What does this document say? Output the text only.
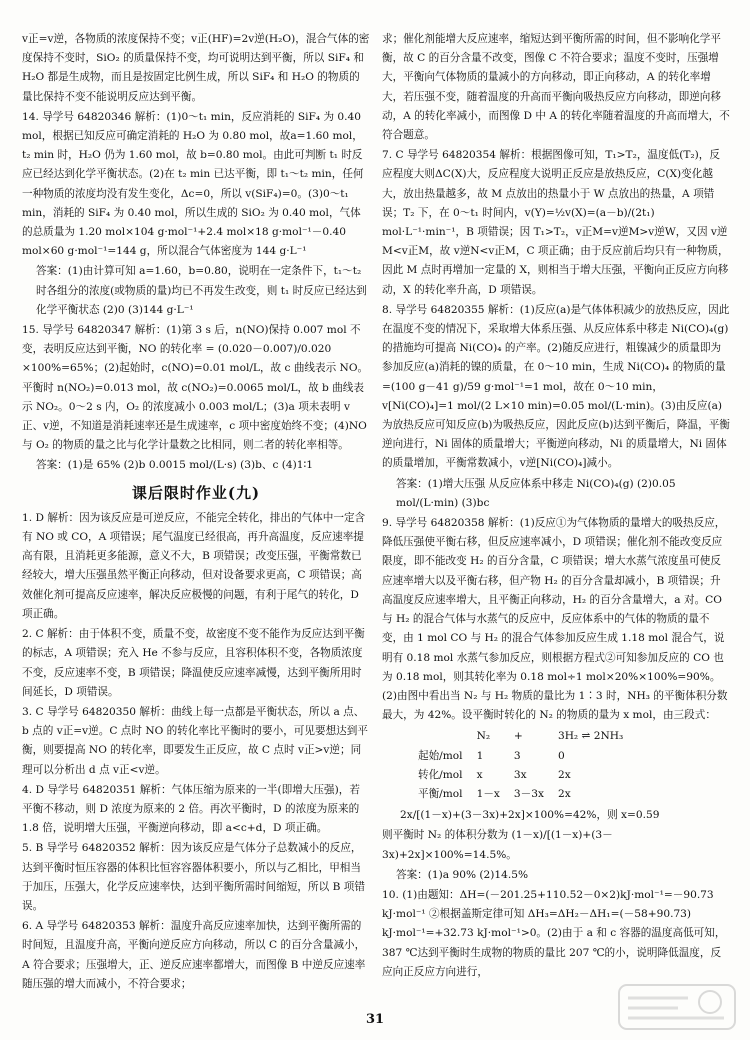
v正=v逆，各物质的浓度保持不变；v正(HF)=2v逆(H₂O)，混合气体的密度保持不变时，SiO₂ 的质量保持不变，均可说明达到平衡，所以 SiF₄ 和 H₂O 都是生成物，而且是按固定比例生成，所以 SiF₄ 和 H₂O 的物质的量比保持不变不能说明反应达到平衡。
14. 导学号 64820346 解析：(1)0～t₁ min，反应消耗的 SiF₄ 为 0.40 mol，根据已知反应可确定消耗的 H₂O 为 0.80 mol，故a=1.60 mol，t₂ min 时，H₂O 仍为 1.60 mol，故 b=0.80 mol。由此可判断 t₁ 时反应已经达到化学平衡状态。(2)在 t₂ min 已达平衡，即 t₁～t₂ min，任何一种物质的浓度均没有发生变化，Δc=0，所以 v(SiF₄)=0。(3)0～t₁ min，消耗的 SiF₄ 为 0.40 mol，所以生成的 SiO₂ 为 0.40 mol，气体的总质量为 1.20 mol×104 g·mol⁻¹+2.4 mol×18 g·mol⁻¹－0.40 mol×60 g·mol⁻¹=144 g，所以混合气体密度为 144 g·L⁻¹
答案：(1)由计算可知 a=1.60，b=0.80，说明在一定条件下，t₁～t₂ 时各组分的浓度(或物质的量)均已不再发生改变，则 t₁ 时反应已经达到化学平衡状态 (2)0 (3)144 g·L⁻¹
15. 导学号 64820347 解析：(1)第 3 s 后，n(NO)保持 0.007 mol 不变，表明反应达到平衡，NO 的转化率 = (0.020－0.007)/0.020 ×100%=65%；(2)起始时，c(NO)=0.01 mol/L，故 c 曲线表示 NO。平衡时 n(NO₂)=0.013 mol，故 c(NO₂)=0.0065 mol/L，故 b 曲线表示 NO₂。0～2 s 内，O₂ 的浓度减小 0.003 mol/L；(3)a 项未表明 v正、v逆，不知道是消耗速率还是生成速率，c 项中密度始终不变；(4)NO 与 O₂ 的物质的量之比与化学计量数之比相同，则二者的转化率相等。
答案：(1)是 65% (2)b 0.0015 mol/(L·s) (3)b、c (4)1∶1
课后限时作业(九)
1. D 解析：因为该反应是可逆反应，不能完全转化，排出的气体中一定含有 NO 或 CO，A 项错误；尾气温度已经很高，再升高温度，反应速率提高有限，且消耗更多能源，意义不大，B 项错误；改变压强，平衡常数已经较大，增大压强虽然平衡正向移动，但对设备要求更高，C 项错误；高效催化剂可提高反应速率，解决反应极慢的问题，有利于尾气的转化，D 项正确。
2. C 解析：由于体积不变，质量不变，故密度不变不能作为反应达到平衡的标志，A 项错误；充入 He 不参与反应，且容积体积不变，各物质浓度不变，反应速率不变，B 项错误；降温使反应速率减慢，达到平衡所用时间延长，D 项错误。
3. C 导学号 64820350 解析：曲线上每一点都是平衡状态，所以 a 点、b 点的 v正=v逆。C 点时 NO 的转化率比平衡时的要小，可见要想达到平衡，则要提高 NO 的转化率，即要发生正反应，故 C 点时 v正>v逆；同理可以分析出 d 点 v正<v逆。
4. D 导学号 64820351 解析：气体压缩为原来的一半(即增大压强)，若平衡不移动，则 D 浓度为原来的 2 倍。再次平衡时，D 的浓度为原来的 1.8 倍，说明增大压强，平衡逆向移动，即 a<c+d，D 项正确。
5. B 导学号 64820352 解析：因为该反应是气体分子总数减小的反应，达到平衡时恒压容器的体积比恒容容器体积要小，所以与乙相比，甲相当于加压，压强大，化学反应速率快，达到平衡所需时间缩短，所以 B 项错误。
6. A 导学号 64820353 解析：温度升高反应速率加快，达到平衡所需的时间短，且温度升高，平衡向逆反应方向移动，所以 C 的百分含量减小，A 符合要求；压强增大，正、逆反应速率都增大，而图像 B 中逆反应速率随压强的增大而减小，不符合要求；
求；催化剂能增大反应速率，缩短达到平衡所需的时间，但不影响化学平衡，故 C 的百分含量不改变，图像 C 不符合要求；温度不变时，压强增大，平衡向气体物质的量减小的方向移动，即正向移动，A 的转化率增大，若压强不变，随着温度的升高而平衡向吸热反应方向移动，即逆向移动，A 的转化率减小，而图像 D 中 A 的转化率随着温度的升高而增大，不符合题意。
7. C 导学号 64820354 解析：根据图像可知，T₁>T₂，温度低(T₂)，反应程度大则ΔC(X)大，反应程度大说明正反应是放热反应，C(X)变化越大，放出热量越多，故 M 点放出的热量小于 W 点放出的热量，A 项错误；T₂ 下，在 0～t₁ 时间内，v(Y)=½v(X)=(a－b)/(2t₁) mol·L⁻¹·min⁻¹，B 项错误；因 T₁>T₂，v正M=v逆M>v逆W，又因 v逆M<v正M，故 v逆N<v正M，C 项正确；由于反应前后均只有一种物质，因此 M 点时再增加一定量的 X，则相当于增大压强，平衡向正反应方向移动，X 的转化率升高，D 项错误。
8. 导学号 64820355 解析：(1)反应(a)是气体体积减少的放热反应，因此在温度不变的情况下，采取增大体系压强、从反应体系中移走 Ni(CO)₄(g) 的措施均可提高 Ni(CO)₄ 的产率。(2)随反应进行，粗镍减少的质量即为参加反应(a)消耗的镍的质量，在 0～10 min，生成 Ni(CO)₄ 的物质的量=(100 g－41 g)/59 g·mol⁻¹=1 mol，故在 0～10 min，v[Ni(CO)₄]=1 mol/(2 L×10 min)=0.05 mol/(L·min)。(3)由反应(a)为放热反应可知反应(b)为吸热反应，因此反应(b)达到平衡后，降温，平衡逆向进行，Ni 固体的质量增大；平衡逆向移动，Ni 的质量增大，Ni 固体的质量增加，平衡常数减小，v逆[Ni(CO)₄]减小。
答案：(1)增大压强 从反应体系中移走 Ni(CO)₄(g) (2)0.05 mol/(L·min) (3)bc
9. 导学号 64820358 解析：(1)反应①为气体物质的量增大的吸热反应，降低压强使平衡右移，但反应速率减小，D 项错误；催化剂不能改变反应限度，即不能改变 H₂ 的百分含量，C 项错误；增大水蒸气浓度虽可使反应速率增大以及平衡右移，但产物 H₂ 的百分含量却减小，B 项错误；升高温度反应速率增大，且平衡正向移动，H₂ 的百分含量增大，a 对。CO 与 H₂ 的混合气体与水蒸气的反应中，反应体系中的气体的物质的量不变，由 1 mol CO 与 H₂ 的混合气体参加反应生成 1.18 mol 混合气，说明有 0.18 mol 水蒸气参加反应，则根据方程式②可知参加反应的 CO 也为 0.18 mol，则其转化率为 0.18 mol÷1 mol×20%×100%=90%。(2)由图中看出当 N₂ 与 H₂ 物质的量比为 1∶3 时，NH₃ 的平衡体积分数最大，为 42%。设平衡时转化的 N₂ 的物质的量为 x mol，由三段式：
	N₂	+	3H₂ ⇌ 2NH₃
起始/mol	1	3	0
转化/mol	x	3x	2x
平衡/mol	1－x	3－3x	2x
2x/[(1－x)+(3－3x)+2x]×100%=42%，则 x=0.59
则平衡时 N₂ 的体积分数为 (1－x)/[(1－x)+(3－3x)+2x]×100%=14.5%。
答案：(1)a 90% (2)14.5%
10. (1)由题知：ΔH=(－201.25+110.52－0×2)kJ·mol⁻¹=－90.73 kJ·mol⁻¹ ②根据盖斯定律可知 ΔH₃=ΔH₂－ΔH₁=(－58+90.73) kJ·mol⁻¹=+32.73 kJ·mol⁻¹>0。(2)由于 a 和 c 容器的温度高低可知，387 ℃达到平衡时生成物的物质的量比 207 ℃的小，说明降低温度，反应向正反应方向进行，
31
